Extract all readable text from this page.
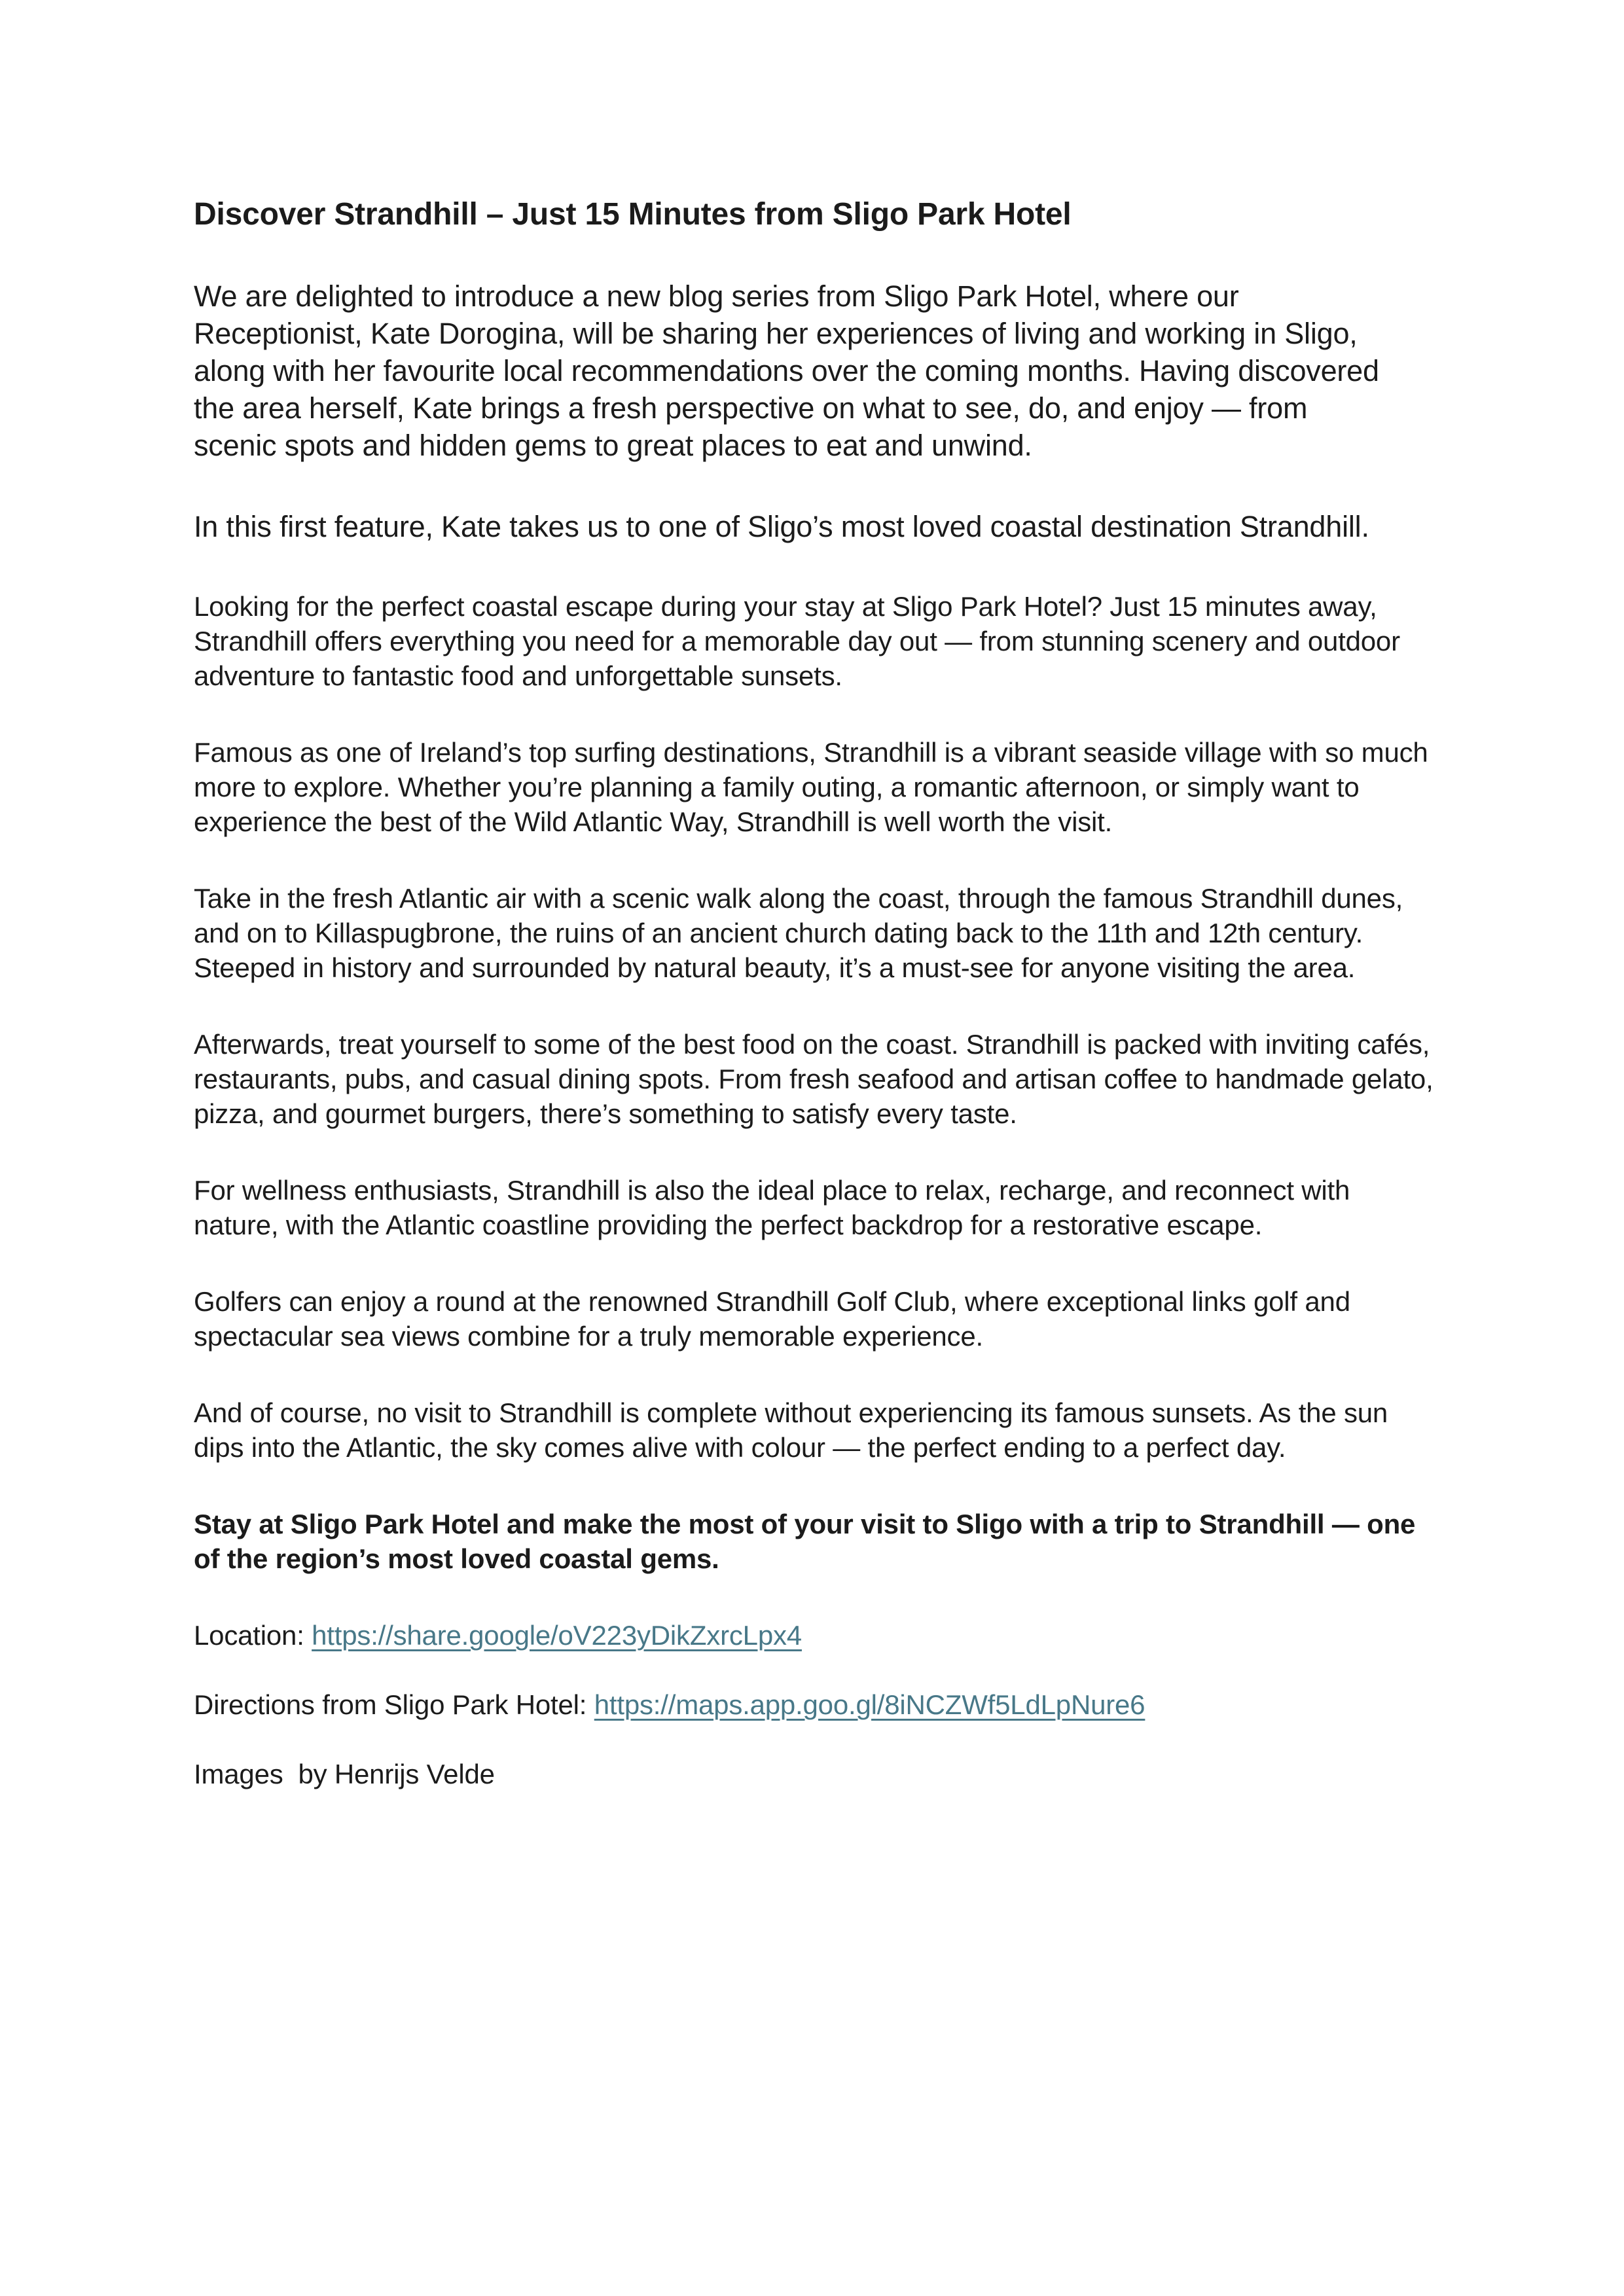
Discover Strandhill – Just 15 Minutes from Sligo Park Hotel

We are delighted to introduce a new blog series from Sligo Park Hotel, where our Receptionist, Kate Dorogina, will be sharing her experiences of living and working in Sligo, along with her favourite local recommendations over the coming months. Having discovered the area herself, Kate brings a fresh perspective on what to see, do, and enjoy — from scenic spots and hidden gems to great places to eat and unwind.

In this first feature, Kate takes us to one of Sligo’s most loved coastal destination Strandhill.

Looking for the perfect coastal escape during your stay at Sligo Park Hotel? Just 15 minutes away, Strandhill offers everything you need for a memorable day out — from stunning scenery and outdoor adventure to fantastic food and unforgettable sunsets.

Famous as one of Ireland’s top surfing destinations, Strandhill is a vibrant seaside village with so much more to explore. Whether you’re planning a family outing, a romantic afternoon, or simply want to experience the best of the Wild Atlantic Way, Strandhill is well worth the visit.

Take in the fresh Atlantic air with a scenic walk along the coast, through the famous Strandhill dunes, and on to Killaspugbrone, the ruins of an ancient church dating back to the 11th and 12th century. Steeped in history and surrounded by natural beauty, it’s a must-see for anyone visiting the area.

Afterwards, treat yourself to some of the best food on the coast. Strandhill is packed with inviting cafés, restaurants, pubs, and casual dining spots. From fresh seafood and artisan coffee to handmade gelato, pizza, and gourmet burgers, there’s something to satisfy every taste.

For wellness enthusiasts, Strandhill is also the ideal place to relax, recharge, and reconnect with nature, with the Atlantic coastline providing the perfect backdrop for a restorative escape.

Golfers can enjoy a round at the renowned Strandhill Golf Club, where exceptional links golf and spectacular sea views combine for a truly memorable experience.

And of course, no visit to Strandhill is complete without experiencing its famous sunsets. As the sun dips into the Atlantic, the sky comes alive with colour — the perfect ending to a perfect day.

Stay at Sligo Park Hotel and make the most of your visit to Sligo with a trip to Strandhill — one of the region’s most loved coastal gems.

Location: https://share.google/oV223yDikZxrcLpx4

Directions from Sligo Park Hotel: https://maps.app.goo.gl/8iNCZWf5LdLpNure6

Images  by Henrijs Velde
